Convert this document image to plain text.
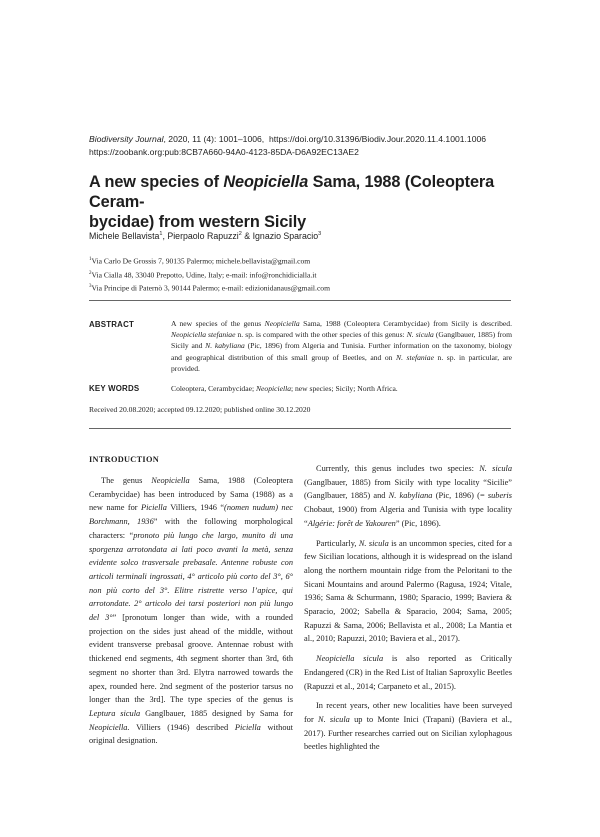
Biodiversity Journal, 2020, 11 (4): 1001–1006, https://doi.org/10.31396/Biodiv.Jour.2020.11.4.1001.1006
https://zoobank.org:pub:8CB7A660-94A0-4123-85DA-D6A92EC13AE2
A new species of Neopiciella Sama, 1988 (Coleoptera Ceram-
bycidae) from western Sicily
Michele Bellavista$^1$, Pierpaolo Rapuzzi$^2$ & Ignazio Sparacio$^3$
$^1$Via Carlo De Grossis 7, 90135 Palermo; michele.bellavista@gmail.com
$^2$Via Cialla 48, 33040 Prepotto, Udine, Italy; e-mail: info@ronchidicialla.it
$^3$Via Principe di Paternò 3, 90144 Palermo; e-mail: edizionidanaus@gmail.com
ABSTRACT	A new species of the genus Neopiciella Sama, 1988 (Coleoptera Cerambycidae) from Sicily is described. Neopiciella stefaniae n. sp. is compared with the other species of this genus: N. sicula (Ganglbauer, 1885) from Sicily and N. kabyliana (Pic, 1896) from Algeria and Tunisia. Further information on the taxonomy, biology and geographical distribution of this small group of Beetles, and on N. stefaniae n. sp. in particular, are provided.
KEY WORDS	Coleoptera, Cerambycidae; Neopiciella; new species; Sicily; North Africa.
Received 20.08.2020; accepted 09.12.2020; published online 30.12.2020
INTRODUCTION

The genus Neopiciella Sama, 1988 (Coleoptera Cerambycidae) has been introduced by Sama (1988) as a new name for Piciella Villiers, 1946 “(nomen nudum) nec Borchmann, 1936” with the following morphological characters: “pronoto più lungo che largo, munito di una sporgenza arrotondata ai lati poco avanti la metà, senza evidente solco trasversale prebasale. Antenne robuste con articoli terminali ingrossati, 4° articolo più corto del 3°, 6° non più corto del 3°. Elitre ristrette verso l’apice, qui arrotondate. 2° articolo dei tarsi posteriori non più lungo del 3°” [pronotum longer than wide, with a rounded projection on the sides just ahead of the middle, without evident transverse prebasal groove. Antennae robust with thickened end segments, 4th segment shorter than 3rd, 6th segment no shorter than 3rd. Elytra narrowed towards the apex, rounded here. 2nd segment of the posterior tarsus no longer than the 3rd]. The type species of the genus is Leptura sicula Ganglbauer, 1885 designed by Sama for Neopiciella. Villiers (1946) described Piciella without original designation.

Currently, this genus includes two species: N. sicula (Ganglbauer, 1885) from Sicily with type locality “Sicilie” (Ganglbauer, 1885) and N. kabyliana (Pic, 1896) (= suberis Chobaut, 1900) from Algeria and Tunisia with type locality “Algérie: forêt de Yakouren” (Pic, 1896).

Particularly, N. sicula is an uncommon species, cited for a few Sicilian locations, although it is widespread on the island along the northern mountain ridge from the Peloritani to the Sicani Mountains and around Palermo (Ragusa, 1924; Vitale, 1936; Sama & Schurmann, 1980; Sparacio, 1999; Baviera & Sparacio, 2002; Sabella & Sparacio, 2004; Sama, 2005; Rapuzzi & Sama, 2006; Bellavista et al., 2008; La Mantia et al., 2010; Rapuzzi, 2010; Baviera et al., 2017).

Neopiciella sicula is also reported as Critically Endangered (CR) in the Red List of Italian Saproxylic Beetles (Rapuzzi et al., 2014; Carpaneto et al., 2015).

In recent years, other new localities have been surveyed for N. sicula up to Monte Inici (Trapani) (Baviera et al., 2017). Further researches carried out on Sicilian xylophagous beetles highlighted the
